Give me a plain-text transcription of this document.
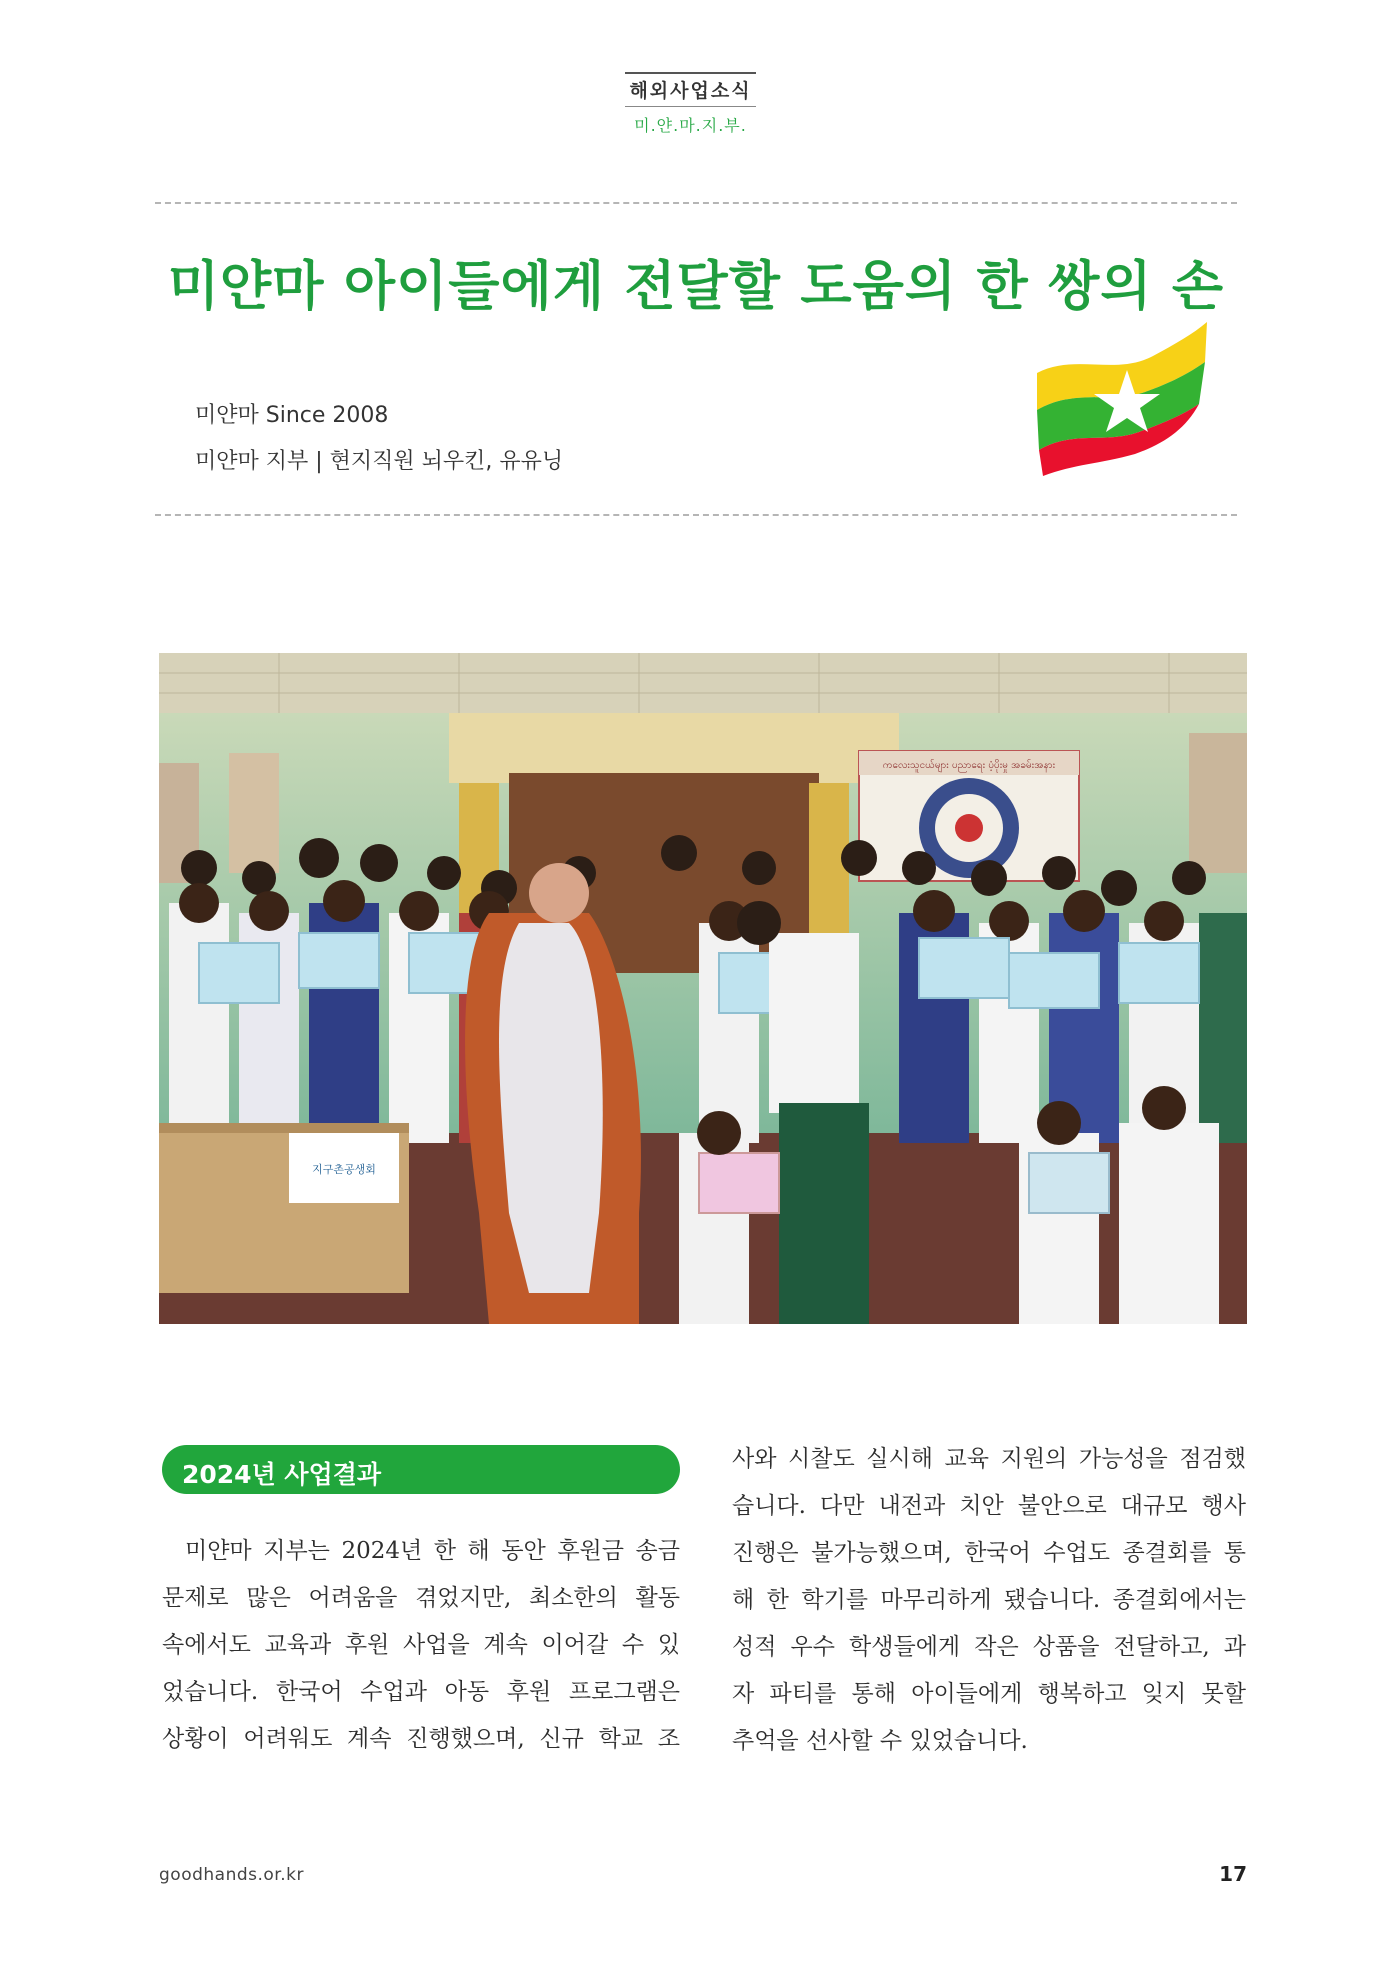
해외사업소식
미.얀.마.지.부.
미얀마 아이들에게 전달할 도움의 한 쌍의 손
미얀마 Since 2008
미얀마 지부 | 현지직원 뇌우킨, 유유닝
ကလေးသူငယ်များ ပညာရေး ပံ့ပိုးမှု အခမ်းအနား
지구촌공생회
2024년 사업결과
미얀마 지부는 2024년 한 해 동안 후원금 송금
문제로 많은 어려움을 겪었지만, 최소한의 활동
속에서도 교육과 후원 사업을 계속 이어갈 수 있
었습니다. 한국어 수업과 아동 후원 프로그램은
상황이 어려워도 계속 진행했으며, 신규 학교 조
사와 시찰도 실시해 교육 지원의 가능성을 점검했
습니다. 다만 내전과 치안 불안으로 대규모 행사
진행은 불가능했으며, 한국어 수업도 종결회를 통
해 한 학기를 마무리하게 됐습니다. 종결회에서는
성적 우수 학생들에게 작은 상품을 전달하고, 과
자 파티를 통해 아이들에게 행복하고 잊지 못할
추억을 선사할 수 있었습니다.
goodhands.or.kr	17
